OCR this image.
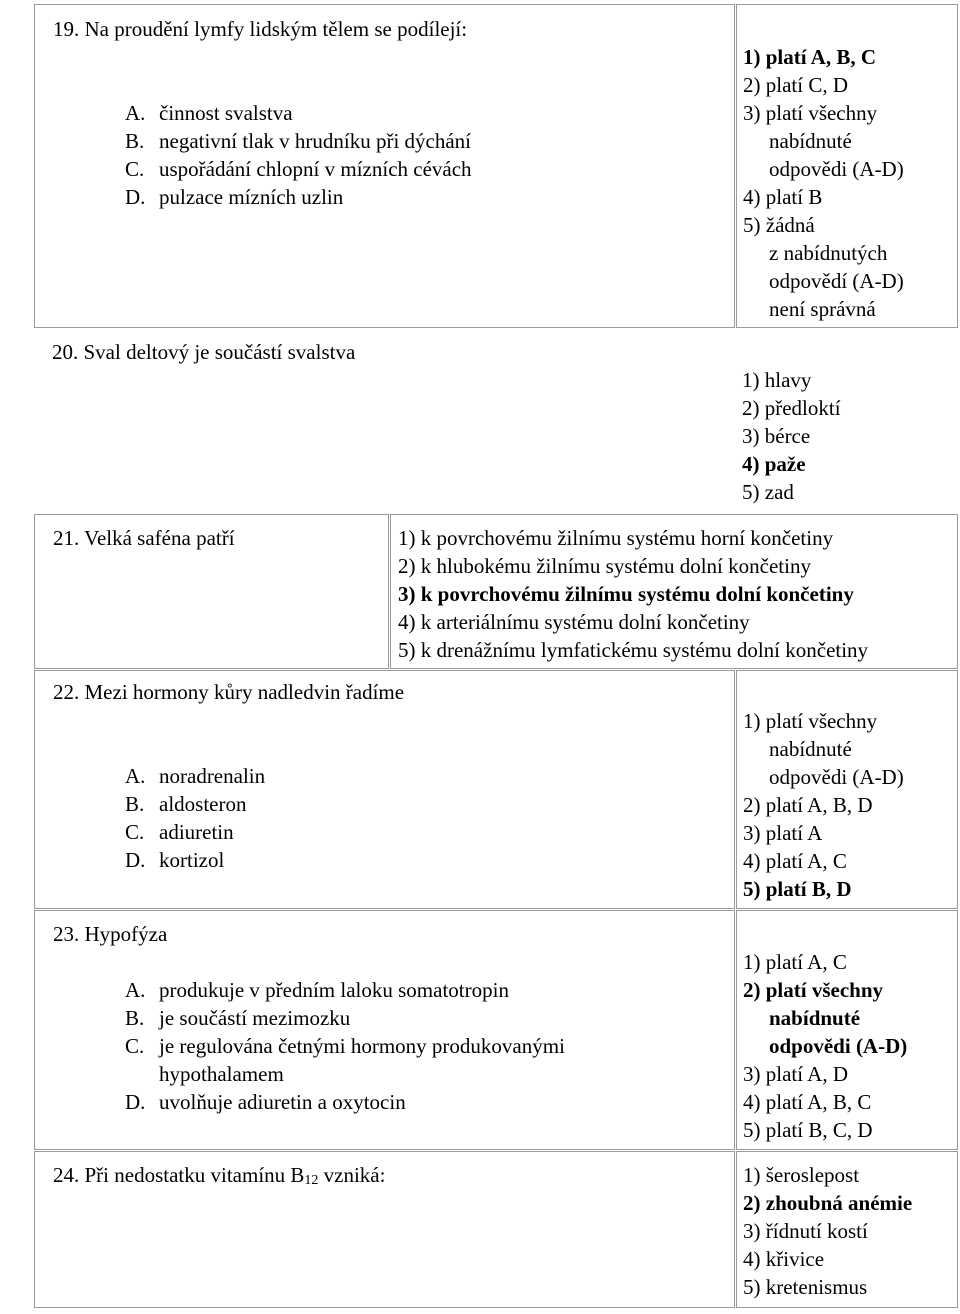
19. Na proudění lymfy lidským tělem se podílejí:
A. činnost svalstva
B. negativní tlak v hrudníku při dýchání
C. uspořádání chlopní v mízních cévách
D. pulzace mízních uzlin
1) platí A, B, C
2) platí C, D
3) platí všechny
nabídnuté
odpovědi (A-D)
4) platí B
5) žádná
z nabídnutých
odpovědí (A-D)
není správná
20. Sval deltový je součástí svalstva
1) hlavy
2) předloktí
3) bérce
4) paže
5) zad
21. Velká saféna patří	1) k povrchovému žilnímu systému horní končetiny
2) k hlubokému žilnímu systému dolní končetiny
3) k povrchovému žilnímu systému dolní končetiny
4) k arteriálnímu systému dolní končetiny
5) k drenážnímu lymfatickému systému dolní končetiny
22. Mezi hormony kůry nadledvin řadíme
A. noradrenalin
B. aldosteron
C. adiuretin
D. kortizol
1) platí všechny
nabídnuté
odpovědi (A-D)
2) platí A, B, D
3) platí A
4) platí A, C
5) platí B, D
23. Hypofýza
A. produkuje v předním laloku somatotropin
B. je součástí mezimozku
C. je regulována četnými hormony produkovanými
hypothalamem
D. uvolňuje adiuretin a oxytocin
1) platí A, C
2) platí všechny
nabídnuté
odpovědi (A-D)
3) platí A, D
4) platí A, B, C
5) platí B, C, D
24. Při nedostatku vitamínu $B_{12}$ vzniká:	1) šeroslepost
2) zhoubná anémie
3) řídnutí kostí
4) křivice
5) kretenismus
